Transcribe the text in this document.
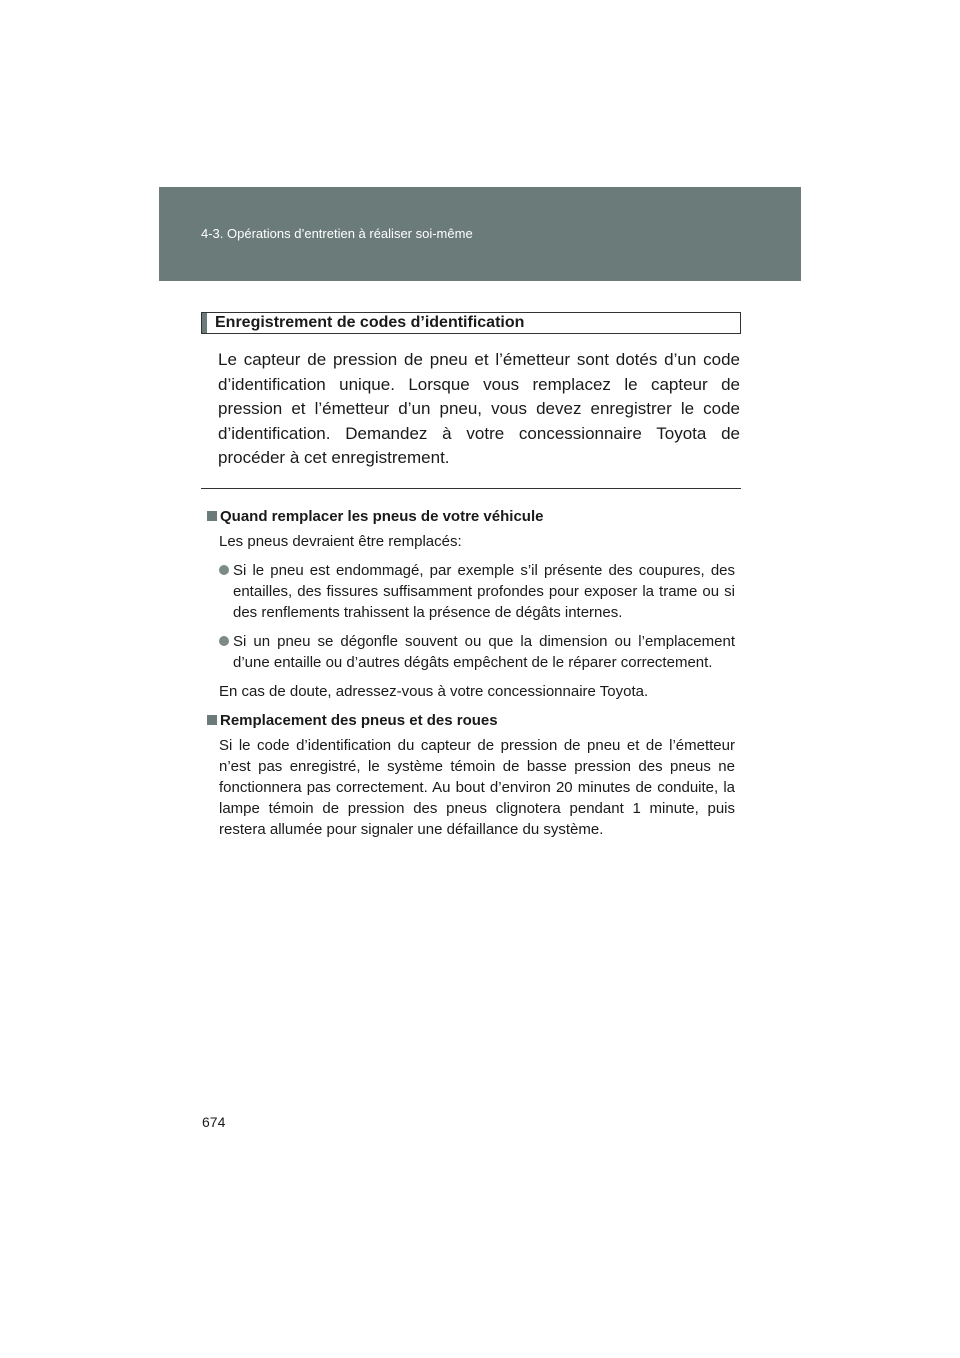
4-3. Opérations d’entretien à réaliser soi-même
Enregistrement de codes d’identification

Le capteur de pression de pneu et l’émetteur sont dotés d’un code d’identification unique. Lorsque vous remplacez le capteur de pression et l’émetteur d’un pneu, vous devez enregistrer le code d’identification. Demandez à votre concessionnaire Toyota de procéder à cet enregistrement.

Quand remplacer les pneus de votre véhicule

Les pneus devraient être remplacés:

Si le pneu est endommagé, par exemple s’il présente des coupures, des entailles, des fissures suffisamment profondes pour exposer la trame ou si des renflements trahissent la présence de dégâts internes.

Si un pneu se dégonfle souvent ou que la dimension ou l’emplacement d’une entaille ou d’autres dégâts empêchent de le réparer correctement.

En cas de doute, adressez-vous à votre concessionnaire Toyota.

Remplacement des pneus et des roues

Si le code d’identification du capteur de pression de pneu et de l’émetteur n’est pas enregistré, le système témoin de basse pression des pneus ne fonctionnera pas correctement. Au bout d’environ 20 minutes de conduite, la lampe témoin de pression des pneus clignotera pendant 1 minute, puis restera allumée pour signaler une défaillance du système.

674
